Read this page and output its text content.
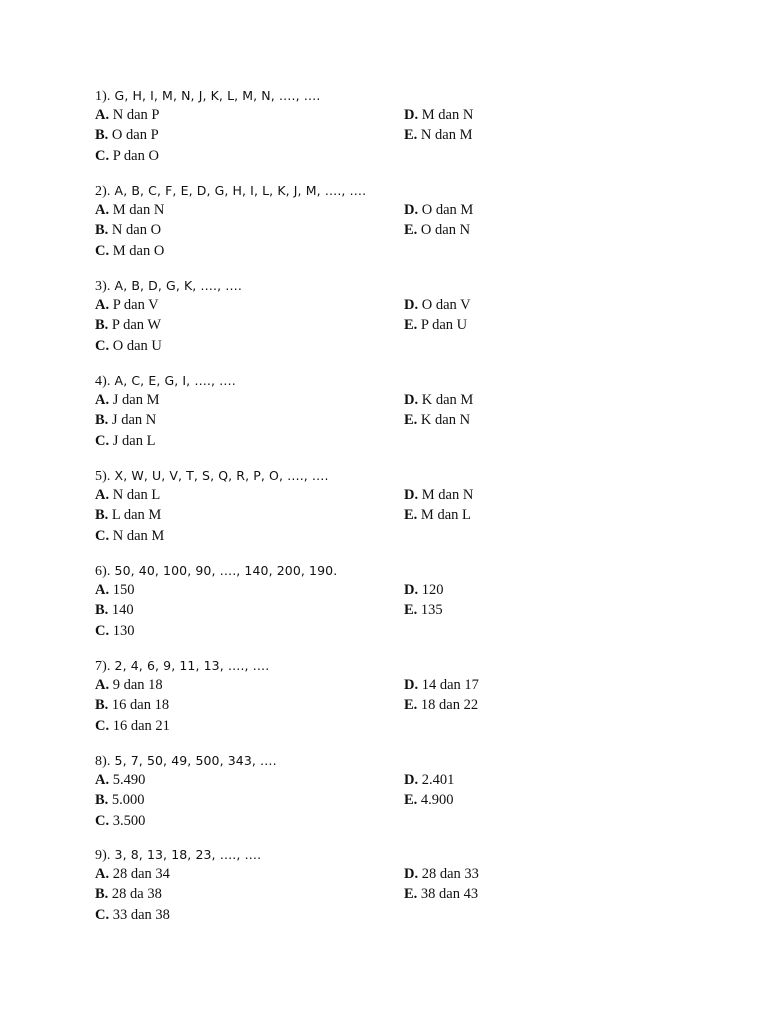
1). G, H, I, M, N, J, K, L, M, N, …., ….
A. N dan P
B. O dan P
C. P dan O
D. M dan N
E. N dan M
2). A, B, C, F, E, D, G, H, I, L, K, J, M, …., ….
A. M dan N
B. N dan O
C. M dan O
D. O dan M
E. O dan N
3). A, B, D, G, K, …., ….
A. P dan V
B. P dan W
C. O dan U
D. O dan V
E. P dan U
4). A, C, E, G, I, …., ….
A. J dan M
B. J dan N
C. J dan L
D. K dan M
E. K dan N
5). X, W, U, V, T, S, Q, R, P, O, …., ….
A. N dan L
B. L dan M
C. N dan M
D. M dan N
E. M dan L
6). 50, 40, 100, 90, …., 140, 200, 190.
A. 150
B. 140
C. 130
D. 120
E. 135
7). 2, 4, 6, 9, 11, 13, …., ….
A. 9 dan 18
B. 16 dan 18
C. 16 dan 21
D. 14 dan 17
E. 18 dan 22
8). 5, 7, 50, 49, 500, 343, ….
A. 5.490
B. 5.000
C. 3.500
D. 2.401
E. 4.900
9). 3, 8, 13, 18, 23, …., ….
A. 28 dan 34
B. 28 da 38
C. 33 dan 38
D. 28 dan 33
E. 38 dan 43
